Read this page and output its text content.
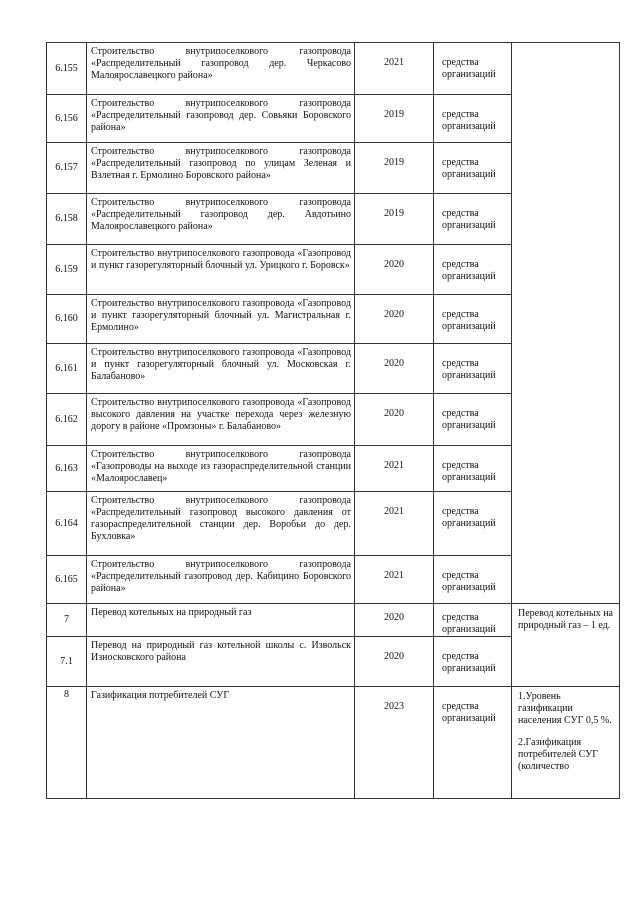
6.155	Строительство внутрипоселкового газопровода «Распределительный газопровод дер. Черкасово Малоярославецкого района»	2021	средства организаций	
6.156	Строительство внутрипоселкового газопровода «Распределительный газопровод дер. Совьяки Боровского района»	2019	средства организаций	
6.157	Строительство внутрипоселкового газопровода «Распределительный газопровод по улицам Зеленая и Взлетная г. Ермолино Боровского района»	2019	средства организаций	
6.158	Строительство внутрипоселкового газопровода «Распределительный газопровод дер. Авдотьино Малоярославецкого района»	2019	средства организаций	
6.159	Строительство внутрипоселкового газопровода «Газопровод и пункт газорегуляторный блочный ул. Урицкого г. Боровск»	2020	средства организаций	
6.160	Строительство внутрипоселкового газопровода «Газопровод и пункт газорегуляторный блочный ул. Магистральная г. Ермолино»	2020	средства организаций	
6.161	Строительство внутрипоселкового газопровода «Газопровод и пункт газорегуляторный блочный ул. Московская г. Балабаново»	2020	средства организаций	
6.162	Строительство внутрипоселкового газопровода «Газопровод высокого давления на участке перехода через железную дорогу в районе «Промзоны» г. Балабаново»	2020	средства организаций	
6.163	Строительство внутрипоселкового газопровода «Газопроводы на выходе из газораспределительной станции «Малоярославец»	2021	средства организаций	
6.164	Строительство внутрипоселкового газопровода «Распределительный газопровод высокого давления от газораспределительной станции дер. Воробьи до дер. Бухловка»	2021	средства организаций	
6.165	Строительство внутрипоселкового газопровода «Распределительный газопровод дер. Кабицино Боровского района»	2021	средства организаций	
7	Перевод котельных на природный газ	2020	средства организаций	Перевод котельных на природный газ – 1 ед.
7.1	Перевод на природный газ котельной школы с. Извольск Износковского района	2020	средства организаций	
8	Газификация потребителей СУГ	2023	средства организаций	1.Уровень газификации населения СУГ 0,5 %.

2.Газификация потребителей СУГ (количество
